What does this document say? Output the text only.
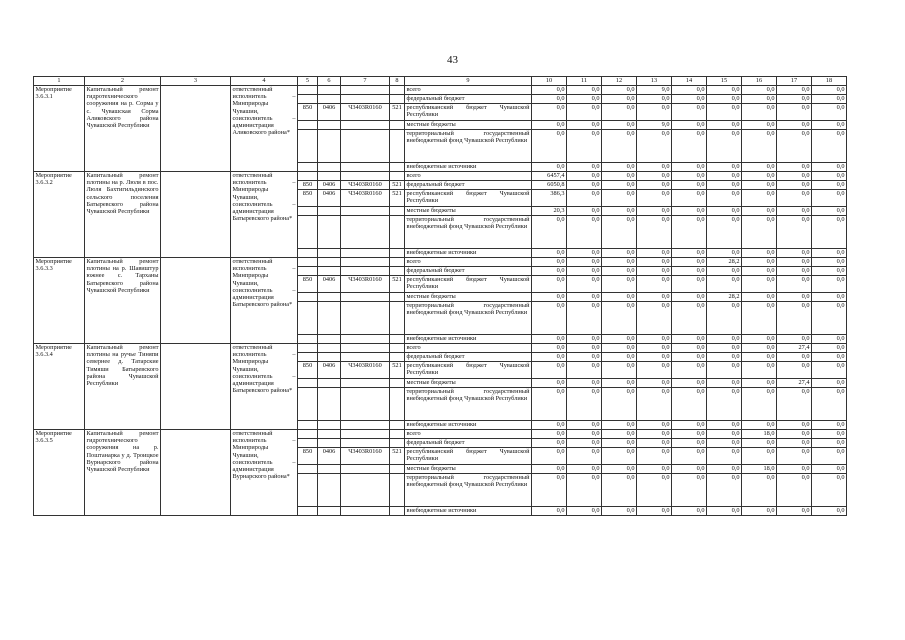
43
1	2	3	4	5	6	7	8	9	10	11	12	13	14	15	16	17	18
Мероприятие 3.6.3.1	Капитальный ремонт гидротехнического сооружения на р. Сорма у с. Чувашская Сорма Аликовского района Чувашской Республики		ответственный исполнитель – Минприроды Чувашии, соисполнитель – администрация Аликовского района*					всего	0,0	0,0	0,0	9,0	0,0	0,0	0,0	0,0	0,0
								федеральный бюджет	0,0	0,0	0,0	0,0	0,0	0,0	0,0	0,0	0,0
				850	0406	Ч3403R0160	521	республиканский бюджет Чувашской Республики	0,0	0,0	0,0	0,0	0,0	0,0	0,0	0,0	0,0
								местные бюджеты	0,0	0,0	0,0	9,0	0,0	0,0	0,0	0,0	0,0
								территориальный государственный внебюджетный фонд Чувашской Республики	0,0	0,0	0,0	0,0	0,0	0,0	0,0	0,0	0,0
								внебюджетные источники	0,0	0,0	0,0	0,0	0,0	0,0	0,0	0,0	0,0
Мероприятие 3.6.3.2	Капитальный ремонт плотины на р. Люля в пос. Люля Бахтигильдинского сельского поселения Батыревского района Чувашской Республики		ответственный исполнитель – Минприроды Чувашии, соисполнитель – администрация Батыревского района*					всего	6457,4	0,0	0,0	0,0	0,0	0,0	0,0	0,0	0,0
				850	0406	Ч3403R0160	521	федеральный бюджет	6050,8	0,0	0,0	0,0	0,0	0,0	0,0	0,0	0,0
				850	0406	Ч3403R0160	521	республиканский бюджет Чувашской Республики	386,3	0,0	0,0	0,0	0,0	0,0	0,0	0,0	0,0
								местные бюджеты	20,3	0,0	0,0	0,0	0,0	0,0	0,0	0,0	0,0
								территориальный государственный внебюджетный фонд Чувашской Республики	0,0	0,0	0,0	0,0	0,0	0,0	0,0	0,0	0,0
								внебюджетные источники	0,0	0,0	0,0	0,0	0,0	0,0	0,0	0,0	0,0
Мероприятие 3.6.3.3	Капитальный ремонт плотины на р. Шавиштур южнее с. Тарханы Батыревского района Чувашской Республики		ответственный исполнитель – Минприроды Чувашии, соисполнитель – администрация Батыревского района*					всего	0,0	0,0	0,0	0,0	0,0	28,2	0,0	0,0	0,0
								федеральный бюджет	0,0	0,0	0,0	0,0	0,0	0,0	0,0	0,0	0,0
				850	0406	Ч3403R0160	521	республиканский бюджет Чувашской Республики	0,0	0,0	0,0	0,0	0,0	0,0	0,0	0,0	0,0
								местные бюджеты	0,0	0,0	0,0	0,0	0,0	28,2	0,0	0,0	0,0
								территориальный государственный внебюджетный фонд Чувашской Республики	0,0	0,0	0,0	0,0	0,0	0,0	0,0	0,0	0,0
								внебюджетные источники	0,0	0,0	0,0	0,0	0,0	0,0	0,0	0,0	0,0
Мероприятие 3.6.3.4	Капитальный ремонт плотины на ручье Тиняпи севернее д. Татарские Тимяши Батыревского района Чувашской Республики		ответственный исполнитель – Минприроды Чувашии, соисполнитель – администрация Батыревского района*					всего	0,0	0,0	0,0	0,0	0,0	0,0	0,0	27,4	0,0
								федеральный бюджет	0,0	0,0	0,0	0,0	0,0	0,0	0,0	0,0	0,0
				850	0406	Ч3403R0160	521	республиканский бюджет Чувашской Республики	0,0	0,0	0,0	0,0	0,0	0,0	0,0	0,0	0,0
								местные бюджеты	0,0	0,0	0,0	0,0	0,0	0,0	0,0	27,4	0,0
								территориальный государственный внебюджетный фонд Чувашской Республики	0,0	0,0	0,0	0,0	0,0	0,0	0,0	0,0	0,0
								внебюджетные источники	0,0	0,0	0,0	0,0	0,0	0,0	0,0	0,0	0,0
Мероприятие 3.6.3.5	Капитальный ремонт гидротехнического сооружения на р. Поштанарка у д. Троицкое Вурнарского района Чувашской Республики		ответственный исполнитель – Минприроды Чувашии, соисполнитель – администрация Вурнарского района*					всего	0,0	0,0	0,0	0,0	0,0	0,0	18,0	0,0	0,0
								федеральный бюджет	0,0	0,0	0,0	0,0	0,0	0,0	0,0	0,0	0,0
				850	0406	Ч3403R0160	521	республиканский бюджет Чувашской Республики	0,0	0,0	0,0	0,0	0,0	0,0	0,0	0,0	0,0
								местные бюджеты	0,0	0,0	0,0	0,0	0,0	0,0	18,0	0,0	0,0
								территориальный государственный внебюджетный фонд Чувашской Республики	0,0	0,0	0,0	0,0	0,0	0,0	0,0	0,0	0,0
								внебюджетные источники	0,0	0,0	0,0	0,0	0,0	0,0	0,0	0,0	0,0
